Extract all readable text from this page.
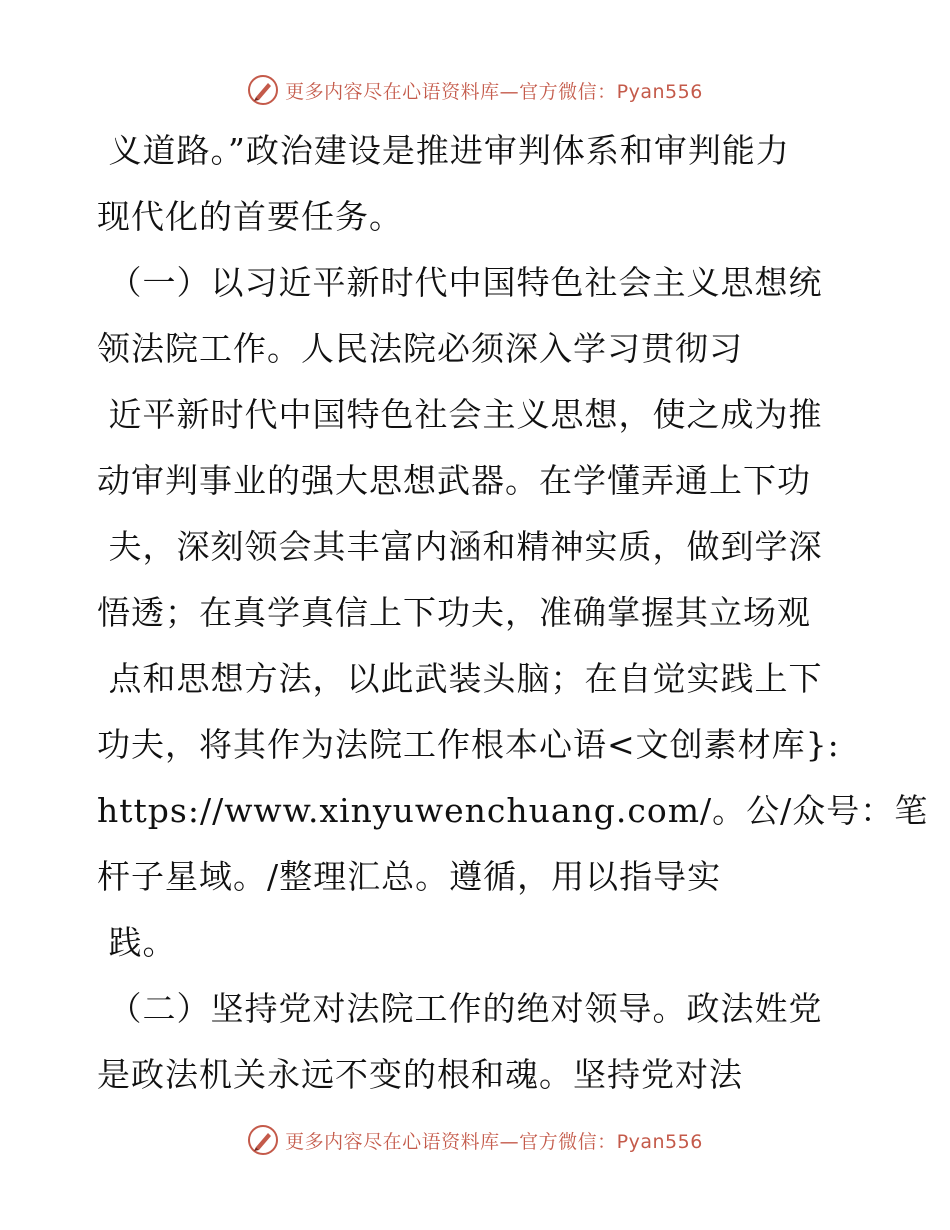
更多内容尽在心语资料库—官方微信：Pyan556
义道路。”政治建设是推进审判体系和审判能力
现代化的首要任务。
（一）以习近平新时代中国特色社会主义思想统
领法院工作。人民法院必须深入学习贯彻习
近平新时代中国特色社会主义思想，使之成为推
动审判事业的强大思想武器。在学懂弄通上下功
夫，深刻领会其丰富内涵和精神实质，做到学深
悟透；在真学真信上下功夫，准确掌握其立场观
点和思想方法，以此武装头脑；在自觉实践上下
功夫，将其作为法院工作根本心语<文创素材库}:
https://www.xinyuwenchuang.com/。公/众号：笔
杆子星域。/整理汇总。遵循，用以指导实
践。
（二）坚持党对法院工作的绝对领导。政法姓党
是政法机关永远不变的根和魂。坚持党对法
更多内容尽在心语资料库—官方微信：Pyan556
